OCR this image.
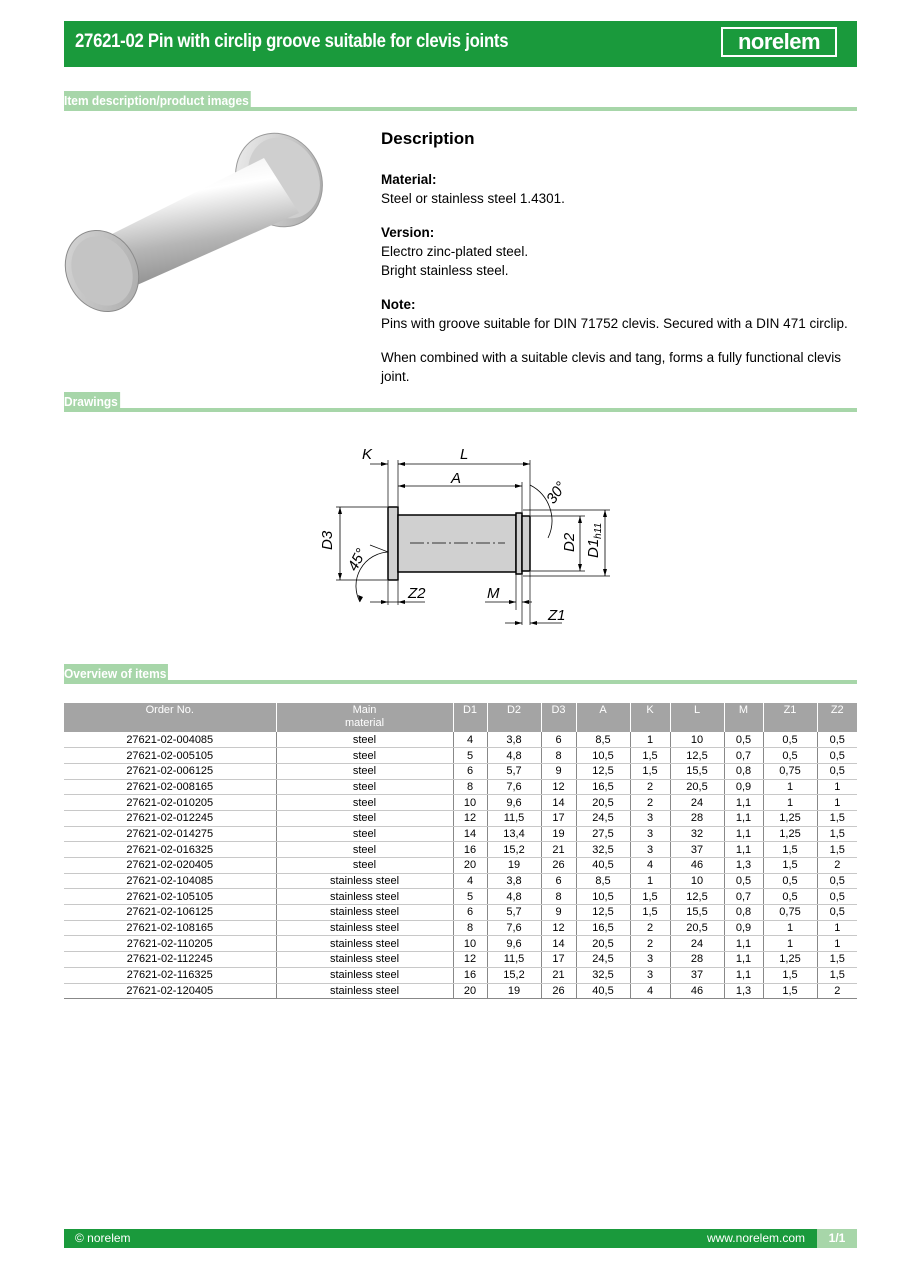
27621-02 Pin with circlip groove suitable for clevis joints	norelem
Item description/product images
Description
Material:

Steel or stainless steel 1.4301.

Version:
Electro zinc-plated steel.

Bright stainless steel.

Note:

Pins with groove suitable for DIN 71752 clevis. Secured with a DIN 471 circlip.

When combined with a suitable clevis and tang, forms a fully functional clevis joint.

Drawings
K	L
A
30°
D3	D2 $D1_{h11}$
45°
Z2	M
Z1
Overview of items
Order No.	Main
material	D1	D2	D3	A	K	L	M	Z1	Z2
27621-02-004085	steel	4	3,8	6	8,5	1	10	0,5	0,5	0,5
27621-02-005105	steel	5	4,8	8	10,5	1,5	12,5	0,7	0,5	0,5
27621-02-006125	steel	6	5,7	9	12,5	1,5	15,5	0,8	0,75	0,5
27621-02-008165	steel	8	7,6	12	16,5	2	20,5	0,9	1	1
27621-02-010205	steel	10	9,6	14	20,5	2	24	1,1	1	1
27621-02-012245	steel	12	11,5	17	24,5	3	28	1,1	1,25	1,5
27621-02-014275	steel	14	13,4	19	27,5	3	32	1,1	1,25	1,5
27621-02-016325	steel	16	15,2	21	32,5	3	37	1,1	1,5	1,5
27621-02-020405	steel	20	19	26	40,5	4	46	1,3	1,5	2
27621-02-104085	stainless steel	4	3,8	6	8,5	1	10	0,5	0,5	0,5
27621-02-105105	stainless steel	5	4,8	8	10,5	1,5	12,5	0,7	0,5	0,5
27621-02-106125	stainless steel	6	5,7	9	12,5	1,5	15,5	0,8	0,75	0,5
27621-02-108165	stainless steel	8	7,6	12	16,5	2	20,5	0,9	1	1
27621-02-110205	stainless steel	10	9,6	14	20,5	2	24	1,1	1	1
27621-02-112245	stainless steel	12	11,5	17	24,5	3	28	1,1	1,25	1,5
27621-02-116325	stainless steel	16	15,2	21	32,5	3	37	1,1	1,5	1,5
27621-02-120405	stainless steel	20	19	26	40,5	4	46	1,3	1,5	2
© norelem	www.norelem.com	1/1
